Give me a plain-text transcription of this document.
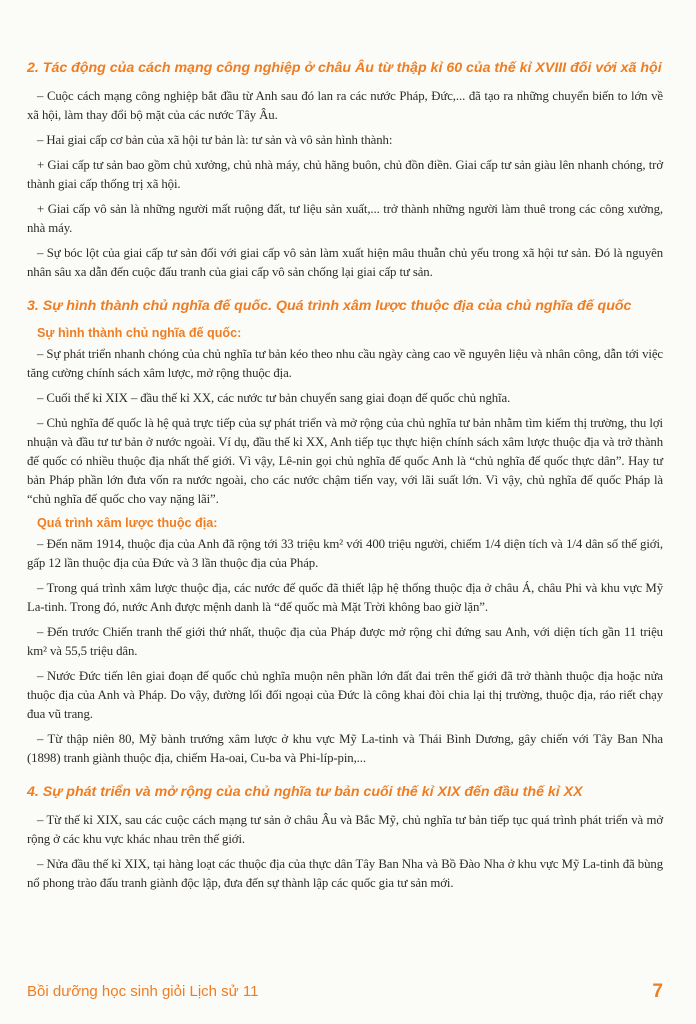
2. Tác động của cách mạng công nghiệp ở châu Âu từ thập kỉ 60 của thế kỉ XVIII đối với xã hội

– Cuộc cách mạng công nghiệp bắt đầu từ Anh sau đó lan ra các nước Pháp, Đức,... đã tạo ra những chuyển biến to lớn về xã hội, làm thay đổi bộ mặt của các nước Tây Âu.

– Hai giai cấp cơ bản của xã hội tư bản là: tư sản và vô sản hình thành:

+ Giai cấp tư sản bao gồm chủ xưởng, chủ nhà máy, chủ hãng buôn, chủ đồn điền. Giai cấp tư sản giàu lên nhanh chóng, trở thành giai cấp thống trị xã hội.

+ Giai cấp vô sản là những người mất ruộng đất, tư liệu sản xuất,... trở thành những người làm thuê trong các công xưởng, nhà máy.

– Sự bóc lột của giai cấp tư sản đối với giai cấp vô sản làm xuất hiện mâu thuẫn chủ yếu trong xã hội tư sản. Đó là nguyên nhân sâu xa dẫn đến cuộc đấu tranh của giai cấp vô sản chống lại giai cấp tư sản.

3. Sự hình thành chủ nghĩa đế quốc. Quá trình xâm lược thuộc địa của chủ nghĩa đế quốc
Sự hình thành chủ nghĩa đế quốc:

– Sự phát triển nhanh chóng của chủ nghĩa tư bản kéo theo nhu cầu ngày càng cao về nguyên liệu và nhân công, dẫn tới việc tăng cường chính sách xâm lược, mở rộng thuộc địa.

– Cuối thế kỉ XIX – đầu thế kỉ XX, các nước tư bản chuyển sang giai đoạn đế quốc chủ nghĩa.

– Chủ nghĩa đế quốc là hệ quả trực tiếp của sự phát triển và mở rộng của chủ nghĩa tư bản nhằm tìm kiếm thị trường, thu lợi nhuận và đầu tư tư bản ở nước ngoài. Ví dụ, đầu thế kỉ XX, Anh tiếp tục thực hiện chính sách xâm lược thuộc địa và trở thành đế quốc có nhiều thuộc địa nhất thế giới. Vì vậy, Lê-nin gọi chủ nghĩa đế quốc Anh là “chủ nghĩa đế quốc thực dân”. Hay tư bản Pháp phần lớn đưa vốn ra nước ngoài, cho các nước chậm tiến vay, với lãi suất lớn. Vì vậy, chủ nghĩa đế quốc Pháp là “chủ nghĩa đế quốc cho vay nặng lãi”.

Quá trình xâm lược thuộc địa:

– Đến năm 1914, thuộc địa của Anh đã rộng tới 33 triệu km² với 400 triệu người, chiếm 1/4 diện tích và 1/4 dân số thế giới, gấp 12 lần thuộc địa của Đức và 3 lần thuộc địa của Pháp.

– Trong quá trình xâm lược thuộc địa, các nước đế quốc đã thiết lập hệ thống thuộc địa ở châu Á, châu Phi và khu vực Mỹ La-tinh. Trong đó, nước Anh được mệnh danh là “đế quốc mà Mặt Trời không bao giờ lặn”.

– Đến trước Chiến tranh thế giới thứ nhất, thuộc địa của Pháp được mở rộng chỉ đứng sau Anh, với diện tích gần 11 triệu km² và 55,5 triệu dân.

– Nước Đức tiến lên giai đoạn đế quốc chủ nghĩa muộn nên phần lớn đất đai trên thế giới đã trở thành thuộc địa hoặc nửa thuộc địa của Anh và Pháp. Do vậy, đường lối đối ngoại của Đức là công khai đòi chia lại thị trường, thuộc địa, ráo riết chạy đua vũ trang.

– Từ thập niên 80, Mỹ bành trướng xâm lược ở khu vực Mỹ La-tinh và Thái Bình Dương, gây chiến với Tây Ban Nha (1898) tranh giành thuộc địa, chiếm Ha-oai, Cu-ba và Phi-líp-pin,...

4. Sự phát triển và mở rộng của chủ nghĩa tư bản cuối thế kỉ XIX đến đầu thế kỉ XX

– Từ thế kỉ XIX, sau các cuộc cách mạng tư sản ở châu Âu và Bắc Mỹ, chủ nghĩa tư bản tiếp tục quá trình phát triển và mở rộng ở các khu vực khác nhau trên thế giới.

– Nửa đầu thế kỉ XIX, tại hàng loạt các thuộc địa của thực dân Tây Ban Nha và Bồ Đào Nha ở khu vực Mỹ La-tinh đã bùng nổ phong trào đấu tranh giành độc lập, đưa đến sự thành lập các quốc gia tư sản mới.

Bồi dưỡng học sinh giỏi Lịch sử 11	7
